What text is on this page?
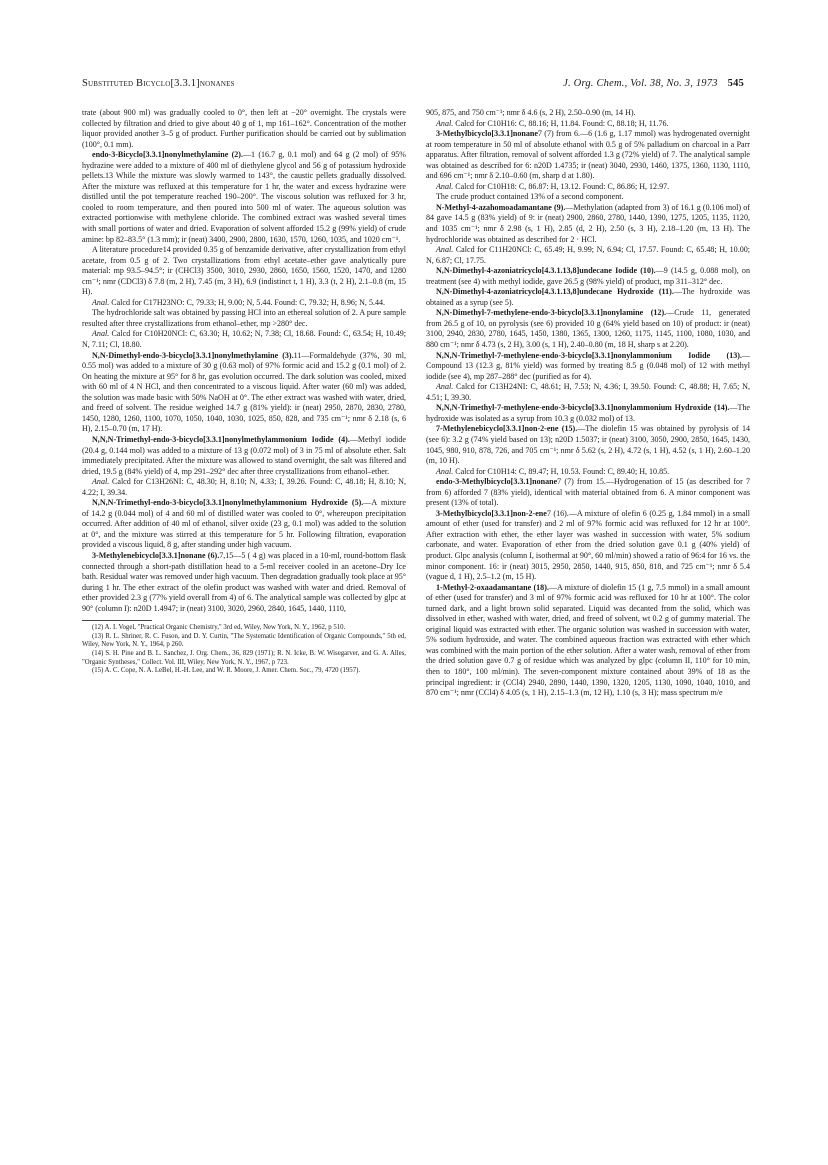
Substituted Bicyclo[3.3.1]nonanes	J. Org. Chem., Vol. 38, No. 3, 1973 545

trate (about 900 ml) was gradually cooled to 0°, then left at −20° overnight. The crystals were collected by filtration and dried to give about 40 g of 1, mp 161–162°. Concentration of the mother liquor provided another 3–5 g of product. Further purification should be carried out by sublimation (100°, 0.1 mm).

endo-3-Bicyclo[3.3.1]nonylmethylamine (2).—1 (16.7 g, 0.1 mol) and 64 g (2 mol) of 95% hydrazine were added to a mixture of 400 ml of diethylene glycol and 56 g of potassium hydroxide pellets.13 While the mixture was slowly warmed to 143°, the caustic pellets gradually dissolved. After the mixture was refluxed at this temperature for 1 hr, the water and excess hydrazine were distilled until the pot temperature reached 190–200°. The viscous solution was refluxed for 3 hr, cooled to room temperature, and then poured into 500 ml of water. The aqueous solution was extracted portionwise with methylene chloride. The combined extract was washed several times with small portions of water and dried. Evaporation of solvent afforded 15.2 g (99% yield) of crude amine: bp 82–83.5° (1.3 mm); ir (neat) 3400, 2900, 2800, 1630, 1570, 1260, 1035, and 1020 cm⁻¹.

A literature procedure14 provided 0.35 g of benzamide derivative, after crystallization from ethyl acetate, from 0.5 g of 2. Two crystallizations from ethyl acetate–ether gave analytically pure material: mp 93.5–94.5°; ir (CHCl3) 3500, 3010, 2930, 2860, 1650, 1560, 1520, 1470, and 1280 cm⁻¹; nmr (CDCl3) δ 7.8 (m, 2 H), 7.45 (m, 3 H), 6.9 (indistinct t, 1 H), 3.3 (t, 2 H), 2.1–0.8 (m, 15 H).

Anal. Calcd for C17H23NO: C, 79.33; H, 9.00; N, 5.44. Found: C, 79.32; H, 8.96; N, 5.44.

The hydrochloride salt was obtained by passing HCl into an ethereal solution of 2. A pure sample resulted after three crystallizations from ethanol–ether, mp >280° dec.

Anal. Calcd for C10H20NCl: C, 63.30; H, 10.62; N, 7.38; Cl, 18.68. Found: C, 63.54; H, 10.49; N, 7.11; Cl, 18.80.

N,N-Dimethyl-endo-3-bicyclo[3.3.1]nonylmethylamine (3).11—Formaldehyde (37%, 30 ml, 0.55 mol) was added to a mixture of 30 g (0.63 mol) of 97% formic acid and 15.2 g (0.1 mol) of 2. On heating the mixture at 95° for 8 hr, gas evolution occurred. The dark solution was cooled, mixed with 60 ml of 4 N HCl, and then concentrated to a viscous liquid. After water (60 ml) was added, the solution was made basic with 50% NaOH at 0°. The ether extract was washed with water, dried, and freed of solvent. The residue weighed 14.7 g (81% yield): ir (neat) 2950, 2870, 2830, 2780, 1450, 1280, 1260, 1100, 1070, 1050, 1040, 1030, 1025, 850, 828, and 735 cm⁻¹; nmr δ 2.18 (s, 6 H), 2.15–0.70 (m, 17 H).

N,N,N-Trimethyl-endo-3-bicyclo[3.3.1]nonylmethylammonium Iodide (4).—Methyl iodide (20.4 g, 0.144 mol) was added to a mixture of 13 g (0.072 mol) of 3 in 75 ml of absolute ether. Salt immediately precipitated. After the mixture was allowed to stand overnight, the salt was filtered and dried, 19.5 g (84% yield) of 4, mp 291–292° dec after three crystallizations from ethanol–ether.

Anal. Calcd for C13H26NI: C, 48.30; H, 8.10; N, 4.33; I, 39.26. Found: C, 48.18; H, 8.10; N, 4.22; I, 39.34.

N,N,N-Trimethyl-endo-3-bicyclo[3.3.1]nonylmethylammonium Hydroxide (5).—A mixture of 14.2 g (0.044 mol) of 4 and 60 ml of distilled water was cooled to 0°, whereupon precipitation occurred. After addition of 40 ml of ethanol, silver oxide (23 g, 0.1 mol) was added to the solution at 0°, and the mixture was stirred at this temperature for 5 hr. Following filtration, evaporation provided a viscous liquid, 8 g, after standing under high vacuum.

3-Methylenebicyclo[3.3.1]nonane (6).7,15—5 ( 4 g) was placed in a 10-ml, round-bottom flask connected through a short-path distillation head to a 5-ml receiver cooled in an acetone–Dry Ice bath. Residual water was removed under high vacuum. Then degradation gradually took place at 95° during 1 hr. The ether extract of the olefin product was washed with water and dried. Removal of ether provided 2.3 g (77% yield overall from 4) of 6. The analytical sample was collected by glpc at 90° (column I): n20D 1.4947; ir (neat) 3100, 3020, 2960, 2840, 1645, 1440, 1110,

(12) A. I. Vogel, "Practical Organic Chemistry," 3rd ed, Wiley, New York, N. Y., 1962, p 510.

(13) R. L. Shriner, R. C. Fuson, and D. Y. Curtin, "The Systematic Identification of Organic Compounds," 5th ed, Wiley, New York, N. Y., 1964, p 260.

(14) S. H. Pine and B. L. Sanchez, J. Org. Chem., 36, 829 (1971); R. N. Icke, B. W. Wisegarver, and G. A. Alles, "Organic Syntheses," Collect. Vol. III, Wiley, New York, N. Y., 1967, p 723.

(15) A. C. Cope, N. A. LeBel, H.-H. Lee, and W. R. Moore, J. Amer. Chem. Soc., 79, 4720 (1957).

905, 875, and 750 cm⁻¹; nmr δ 4.6 (s, 2 H), 2.50–0.90 (m, 14 H).

Anal. Calcd for C10H16: C, 88.16; H, 11.84. Found: C, 88.18; H, 11.76.

3-Methylbicyclo[3.3.1]nonane7 (7) from 6.—6 (1.6 g, 1.17 mmol) was hydrogenated overnight at room temperature in 50 ml of absolute ethanol with 0.5 g of 5% palladium on charcoal in a Parr apparatus. After filtration, removal of solvent afforded 1.3 g (72% yield) of 7. The analytical sample was obtained as described for 6: n20D 1.4735; ir (neat) 3040, 2930, 1460, 1375, 1360, 1130, 1110, and 696 cm⁻¹; nmr δ 2.10–0.60 (m, sharp d at 1.80).

Anal. Calcd for C10H18: C, 86.87: H, 13.12. Found: C, 86.86; H, 12.97.

The crude product contained 13% of a second component.

N-Methyl-4-azahomoadamantane (9).—Methylation (adapted from 3) of 16.1 g (0.106 mol) of 84 gave 14.5 g (83% yield) of 9: ir (neat) 2900, 2860, 2780, 1440, 1390, 1275, 1205, 1135, 1120, and 1035 cm⁻¹; nmr δ 2.98 (s, 1 H), 2.85 (d, 2 H), 2.50 (s, 3 H), 2.18–1.20 (m, 13 H). The hydrochloride was obtained as described for 2 · HCl.

Anal. Calcd for C11H20NCl: C, 65.49; H, 9.99; N, 6.94; Cl, 17.57. Found: C, 65.48; H, 10.00; N, 6.87; Cl, 17.75.

N,N-Dimethyl-4-azoniatricyclo[4.3.1.13,8]undecane Iodide (10).—9 (14.5 g, 0.088 mol), on treatment (see 4) with methyl iodide, gave 26.5 g (98% yield) of product, mp 311–312° dec.

N,N-Dimethyl-4-azoniatricyclo[4.3.1.13,8]undecane Hydroxide (11).—The hydroxide was obtained as a syrup (see 5).

N,N-Dimethyl-7-methylene-endo-3-bicyclo[3.3.1]nonylamine (12).—Crude 11, generated from 26.5 g of 10, on pyrolysis (see 6) provided 10 g (64% yield based on 10) of product: ir (neat) 3100, 2940, 2830, 2780, 1645, 1450, 1380, 1365, 1300, 1260, 1175, 1145, 1100, 1080, 1030, and 880 cm⁻¹; nmr δ 4.73 (s, 2 H), 3.00 (s, 1 H), 2.40–0.80 (m, 18 H, sharp s at 2.20).

N,N,N-Trimethyl-7-methylene-endo-3-bicyclo[3.3.1]nonylammonium Iodide (13).—Compound 13 (12.3 g, 81% yield) was formed by treating 8.5 g (0.048 mol) of 12 with methyl iodide (see 4), mp 287–288° dec (purified as for 4).

Anal. Calcd for C13H24NI: C, 48.61; H, 7.53; N, 4.36; I, 39.50. Found: C, 48.88; H, 7.65; N, 4.51; I, 39.30.

N,N,N-Trimethyl-7-methylene-endo-3-bicyclo[3.3.1]nonylammonium Hydroxide (14).—The hydroxide was isolated as a syrup from 10.3 g (0.032 mol) of 13.

7-Methylenebicyclo[3.3.1]non-2-ene (15).—The diolefin 15 was obtained by pyrolysis of 14 (see 6): 3.2 g (74% yield based on 13); n20D 1.5037; ir (neat) 3100, 3050, 2900, 2850, 1645, 1430, 1045, 980, 910, 878, 726, and 705 cm⁻¹; nmr δ 5.62 (s, 2 H), 4.72 (s, 1 H), 4.52 (s, 1 H), 2.60–1.20 (m, 10 H).

Anal. Calcd for C10H14: C, 89.47; H, 10.53. Found: C, 89.40; H, 10.85.

endo-3-Methylbicyclo[3.3.1]nonane7 (7) from 15.—Hydrogenation of 15 (as described for 7 from 6) afforded 7 (83% yield), identical with material obtained from 6. A minor component was present (13% of total).

3-Methylbicyclo[3.3.1]non-2-ene7 (16).—A mixture of olefin 6 (0.25 g, 1.84 mmol) in a small amount of ether (used for transfer) and 2 ml of 97% formic acid was refluxed for 12 hr at 100°. After extraction with ether, the ether layer was washed in succession with water, 5% sodium carbonate, and water. Evaporation of ether from the dried solution gave 0.1 g (40% yield) of product. Glpc analysis (column I, isothermal at 90°, 60 ml/min) showed a ratio of 96:4 for 16 vs. the minor component. 16: ir (neat) 3015, 2950, 2850, 1440, 915, 850, 818, and 725 cm⁻¹; nmr δ 5.4 (vague d, 1 H), 2.5–1.2 (m, 15 H).

1-Methyl-2-oxaadamantane (18).—A mixture of diolefin 15 (1 g, 7.5 mmol) in a small amount of ether (used for transfer) and 3 ml of 97% formic acid was refluxed for 10 hr at 100°. The color turned dark, and a light brown solid separated. Liquid was decanted from the solid, which was dissolved in ether, washed with water, dried, and freed of solvent, wt 0.2 g of gummy material. The original liquid was extracted with ether. The organic solution was washed in succession with water, 5% sodium hydroxide, and water. The combined aqueous fraction was extracted with ether which was combined with the main portion of the ether solution. After a water wash, removal of ether from the dried solution gave 0.7 g of residue which was analyzed by glpc (column II, 110° for 10 min, then to 180°, 100 ml/min). The seven-component mixture contained about 39% of 18 as the principal ingredient: ir (CCl4) 2940, 2890, 1440, 1390, 1320, 1205, 1130, 1090, 1040, 1010, and 870 cm⁻¹; nmr (CCl4) δ 4.05 (s, 1 H), 2.15–1.3 (m, 12 H), 1.10 (s, 3 H); mass spectrum m/e
